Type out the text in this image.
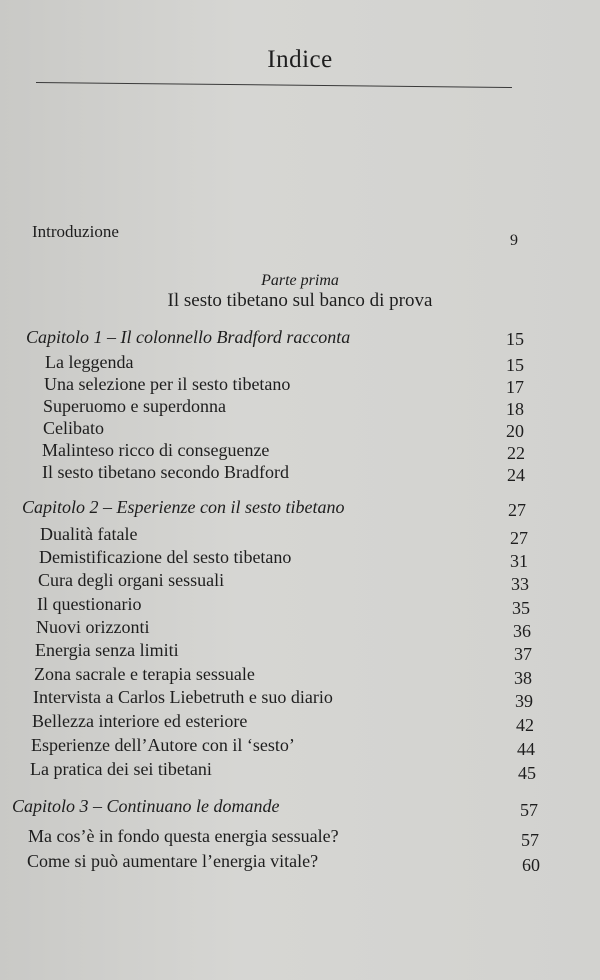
Indice
Introduzione	9
Parte prima
Il sesto tibetano sul banco di prova
Capitolo 1 – Il colonnello Bradford racconta	15
La leggenda	15
Una selezione per il sesto tibetano	17
Superuomo e superdonna	18
Celibato	20
Malinteso ricco di conseguenze	22
Il sesto tibetano secondo Bradford	24
Capitolo 2 – Esperienze con il sesto tibetano	27
Dualità fatale	27
Demistificazione del sesto tibetano	31
Cura degli organi sessuali	33
Il questionario	35
Nuovi orizzonti	36
Energia senza limiti	37
Zona sacrale e terapia sessuale	38
Intervista a Carlos Liebetruth e suo diario	39
Bellezza interiore ed esteriore	42
Esperienze dell’Autore con il ‘sesto’	44
La pratica dei sei tibetani	45
Capitolo 3 – Continuano le domande	57
Ma cos’è in fondo questa energia sessuale?	57
Come si può aumentare l’energia vitale?	60
